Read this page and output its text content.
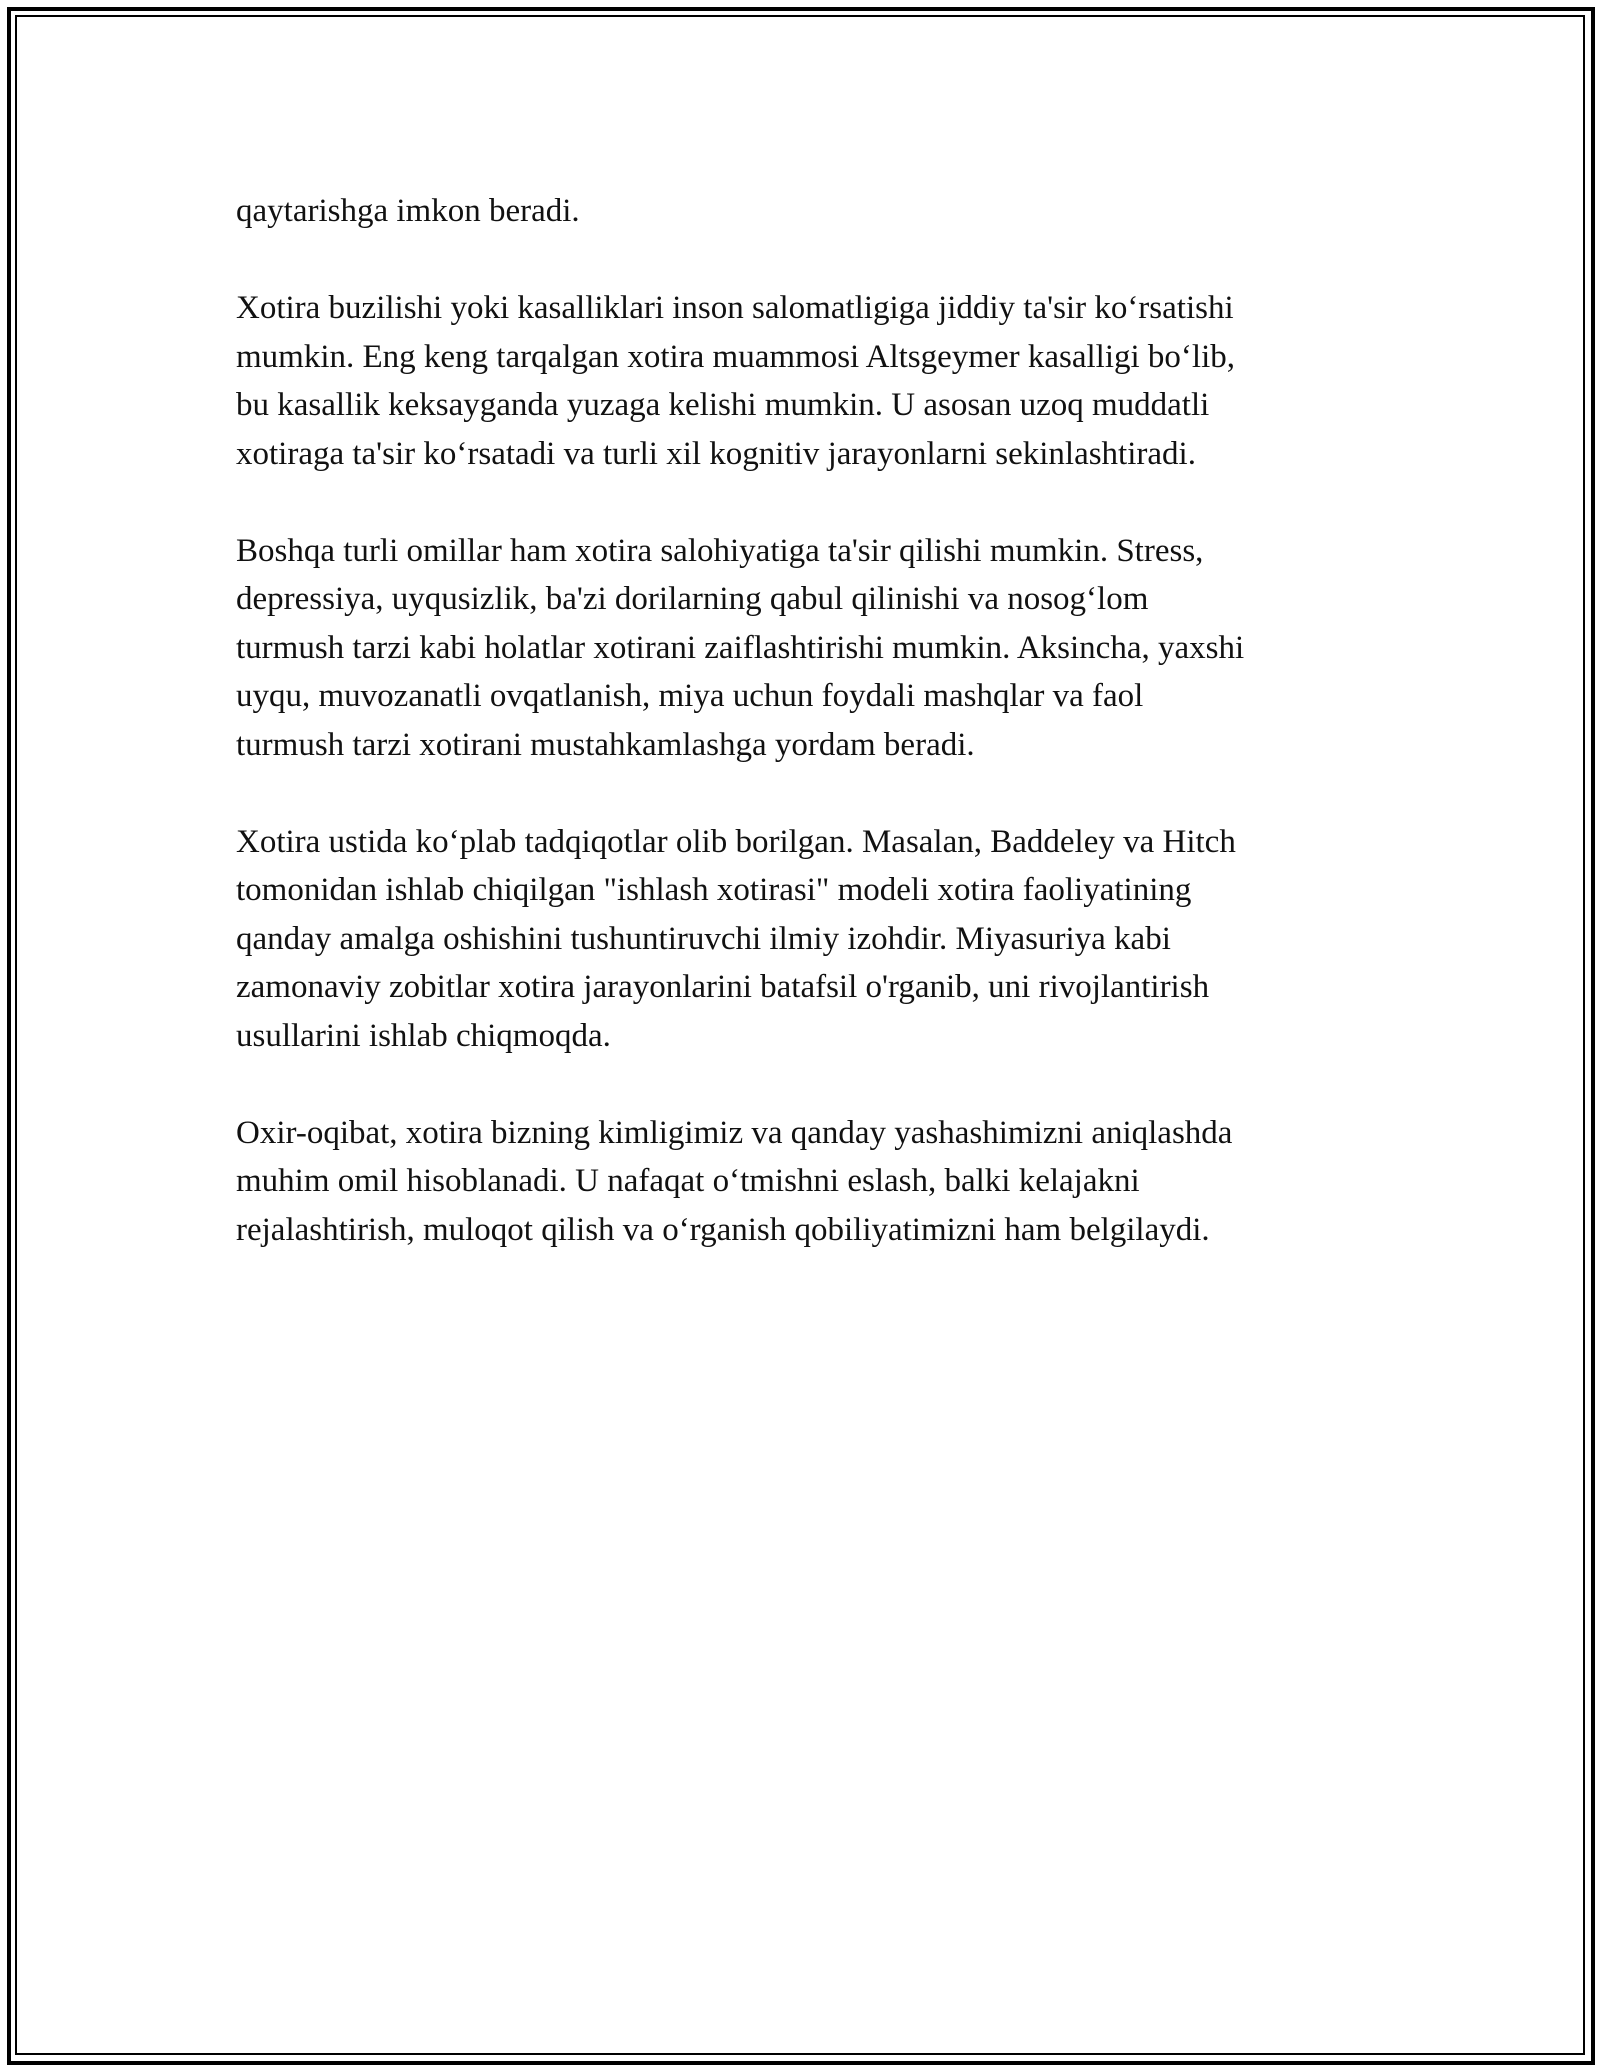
qaytarishga imkon beradi.

Xotira buzilishi yoki kasalliklari inson salomatligiga jiddiy ta'sir ko‘rsatishi
mumkin. Eng keng tarqalgan xotira muammosi Altsgeymer kasalligi bo‘lib,
bu kasallik keksayganda yuzaga kelishi mumkin. U asosan uzoq muddatli
xotiraga ta'sir ko‘rsatadi va turli xil kognitiv jarayonlarni sekinlashtiradi.

Boshqa turli omillar ham xotira salohiyatiga ta'sir qilishi mumkin. Stress,
depressiya, uyqusizlik, ba'zi dorilarning qabul qilinishi va nosog‘lom
turmush tarzi kabi holatlar xotirani zaiflashtirishi mumkin. Aksincha, yaxshi
uyqu, muvozanatli ovqatlanish, miya uchun foydali mashqlar va faol
turmush tarzi xotirani mustahkamlashga yordam beradi.

Xotira ustida ko‘plab tadqiqotlar olib borilgan. Masalan, Baddeley va Hitch
tomonidan ishlab chiqilgan "ishlash xotirasi" modeli xotira faoliyatining
qanday amalga oshishini tushuntiruvchi ilmiy izohdir. Miyasuriya kabi
zamonaviy zobitlar xotira jarayonlarini batafsil o'rganib, uni rivojlantirish
usullarini ishlab chiqmoqda.

Oxir-oqibat, xotira bizning kimligimiz va qanday yashashimizni aniqlashda
muhim omil hisoblanadi. U nafaqat o‘tmishni eslash, balki kelajakni
rejalashtirish, muloqot qilish va o‘rganish qobiliyatimizni ham belgilaydi.
